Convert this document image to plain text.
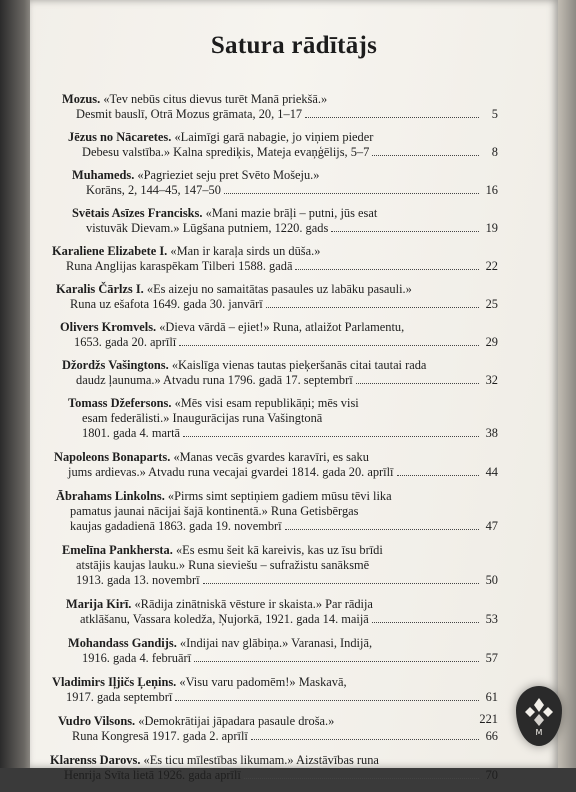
Satura rādītājs
Mozus. «Tev nebūs citus dievus turēt Manā priekšā.»
Desmit bauslī, Otrā Mozus grāmata, 20, 1–17	5
Jēzus no Nācaretes. «Laimīgi garā nabagie, jo viņiem pieder
Debesu valstība.» Kalna sprediķis, Mateja evaņģēlijs, 5–7	8
Muhameds. «Pagrieziet seju pret Svēto Mošeju.»
Korāns, 2, 144–45, 147–50	16
Svētais Asīzes Francisks. «Mani mazie brāļi – putni, jūs esat
vistuvāk Dievam.» Lūgšana putniem, 1220. gads	19
Karaliene Elizabete I. «Man ir karaļa sirds un dūša.»
Runa Anglijas karaspēkam Tilberi 1588. gadā	22
Karalis Čārlzs I. «Es aizeju no samaitātas pasaules uz labāku pasauli.»
Runa uz ešafota 1649. gada 30. janvārī	25
Olivers Kromvels. «Dieva vārdā – ejiet!» Runa, atlaižot Parlamentu,
1653. gada 20. aprīlī	29
Džordžs Vašingtons. «Kaislīga vienas tautas pieķeršanās citai tautai rada
daudz ļaunuma.» Atvadu runa 1796. gadā 17. septembrī	32
Tomass Džefersons. «Mēs visi esam republikāņi; mēs visi
esam federālisti.» Inaugurācijas runa Vašingtonā
1801. gada 4. martā	38
Napoleons Bonaparts. «Manas vecās gvardes karavīri, es saku
jums ardievas.» Atvadu runa vecajai gvardei 1814. gada 20. aprīlī	44
Ābrahams Linkolns. «Pirms simt septiņiem gadiem mūsu tēvi lika
pamatus jaunai nācijai šajā kontinentā.» Runa Getisbērgas
kaujas gadadienā 1863. gada 19. novembrī	47
Emelīna Pankhersta. «Es esmu šeit kā kareivis, kas uz īsu brīdi
atstājis kaujas lauku.» Runa sieviešu – sufražistu sanāksmē
1913. gada 13. novembrī	50
Marija Kirī. «Rādija zinātniskā vēsture ir skaista.» Par rādija
atklāšanu, Vassara koledža, Ņujorkā, 1921. gada 14. maijā	53
Mohandass Gandijs. «Indijai nav glābiņa.» Varanasi, Indijā,
1916. gada 4. februārī	57
Vladimirs Iļjičs Ļeņins. «Visu varu padomēm!» Maskavā,
1917. gada septembrī	61
Vudro Vilsons. «Demokrātijai jāpadara pasaule droša.»
Runa Kongresā 1917. gada 2. aprīlī	66
Klarenss Darovs. «Es ticu mīlestības likumam.» Aizstāvības runa
Henrija Svīta lietā 1926. gada aprīlī	70
221
M
